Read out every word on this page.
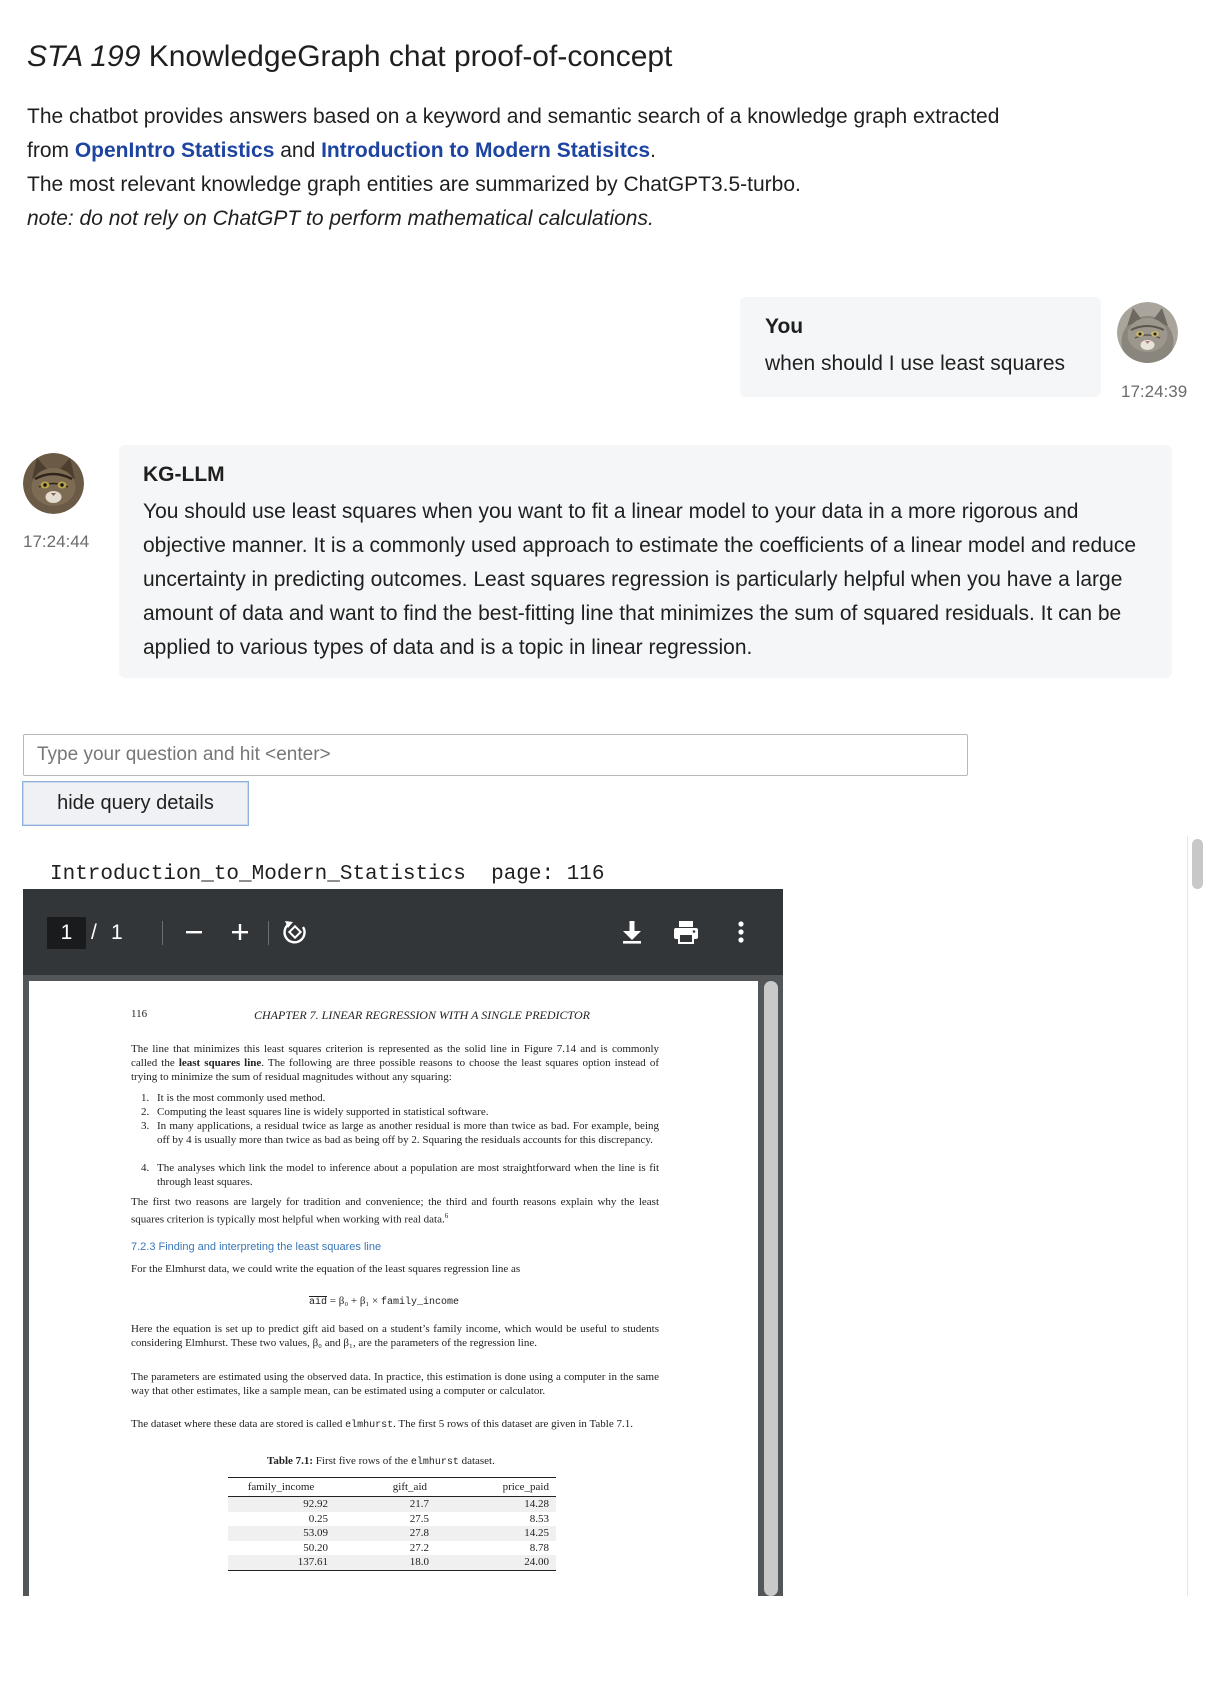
STA 199 KnowledgeGraph chat proof-of-concept
The chatbot provides answers based on a keyword and semantic search of a knowledge graph extracted from OpenIntro Statistics and Introduction to Modern Statisitcs.
The most relevant knowledge graph entities are summarized by ChatGPT3.5-turbo.
note: do not rely on ChatGPT to perform mathematical calculations.
You
when should I use least squares
17:24:39
17:24:44
KG-LLM
You should use least squares when you want to fit a linear model to your data in a more rigorous and objective manner. It is a commonly used approach to estimate the coefficients of a linear model and reduce uncertainty in predicting outcomes. Least squares regression is particularly helpful when you have a large amount of data and want to find the best-fitting line that minimizes the sum of squared residuals. It can be applied to various types of data and is a topic in linear regression.
Type your question and hit <enter>
hide query details
Introduction_to_Modern_Statistics page: 116
1 / 1
116	CHAPTER 7. LINEAR REGRESSION WITH A SINGLE PREDICTOR
The line that minimizes this least squares criterion is represented as the solid line in Figure 7.14 and is commonly called the least squares line. The following are three possible reasons to choose the least squares option instead of trying to minimize the sum of residual magnitudes without any squaring:
1. It is the most commonly used method.
2. Computing the least squares line is widely supported in statistical software.
3. In many applications, a residual twice as large as another residual is more than twice as bad. For example, being off by 4 is usually more than twice as bad as being off by 2. Squaring the residuals accounts for this discrepancy.
4. The analyses which link the model to inference about a population are most straightforward when the line is fit through least squares.
The first two reasons are largely for tradition and convenience; the third and fourth reasons explain why the least squares criterion is typically most helpful when working with real data.$^6$
7.2.3 Finding and interpreting the least squares line
For the Elmhurst data, we could write the equation of the least squares regression line as
$\overline{aid} = \beta_0 + \beta_1$ × family_income
Here the equation is set up to predict gift aid based on a student’s family income, which would be useful to students considering Elmhurst. These two values, β₀ and β₁, are the parameters of the regression line.
The parameters are estimated using the observed data. In practice, this estimation is done using a computer in the same way that other estimates, like a sample mean, can be estimated using a computer or calculator.
The dataset where these data are stored is called elmhurst. The first 5 rows of this dataset are given in Table 7.1.
Table 7.1: First five rows of the elmhurst dataset.
family_income	gift_aid	price_paid
92.92	21.7	14.28
0.25	27.5	8.53
53.09	27.8	14.25
50.20	27.2	8.78
137.61	18.0	24.00
